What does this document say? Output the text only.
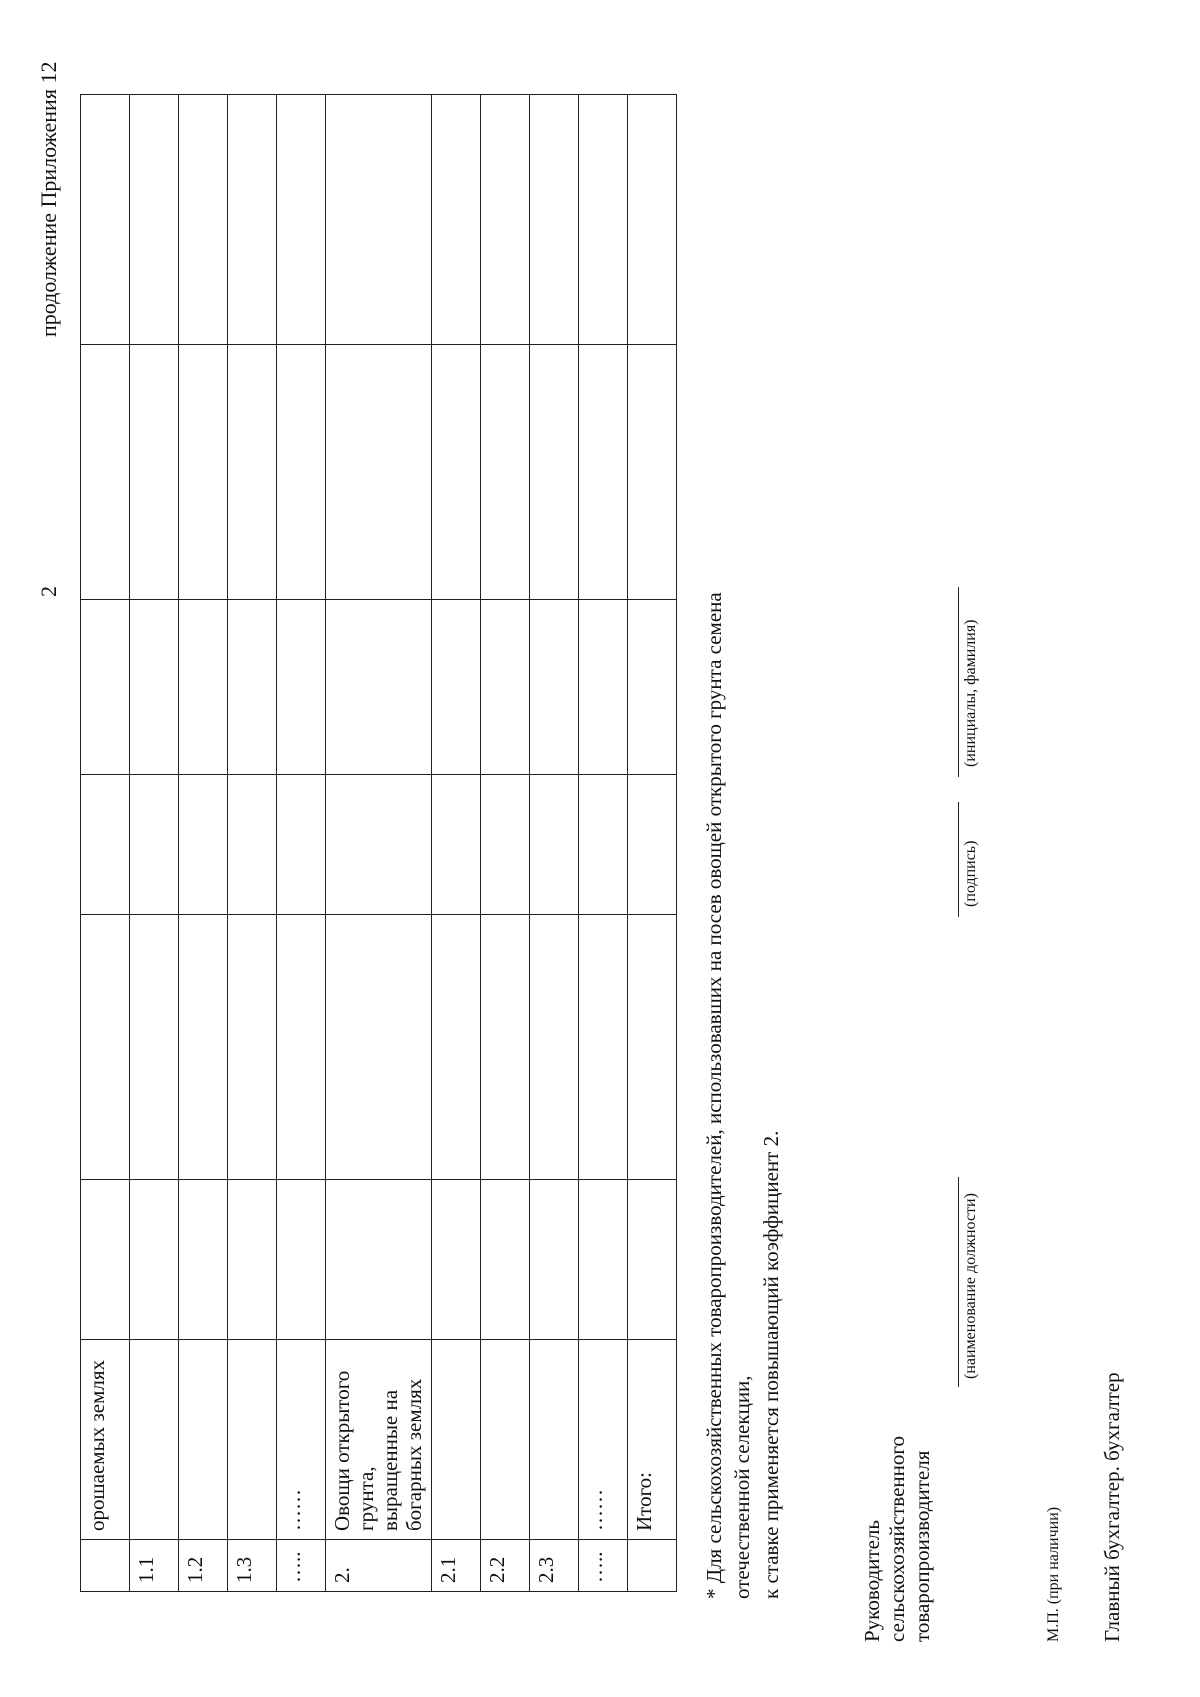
2
продолжение Приложения 12
	орошаемых землях						
1.1							
1.2							
1.3							
…..	……						
2.	Овощи открытого грунта, выращенные на богарных землях						
2.1							
2.2							
2.3							
…..	……						
	Итого:						* Для сельскохозяйственных товаропроизводителей, использовавших на посев овощей открытого грунта семена отечественной селекции, к ставке применяется повышающий коэффициент 2.	Руководитель сельскохозяйственного товаропроизводителя
(наименование должности)
(подпись)
(инициалы, фамилия)
М.П. (при наличии) Главный бухгалтер. бухгалтер
